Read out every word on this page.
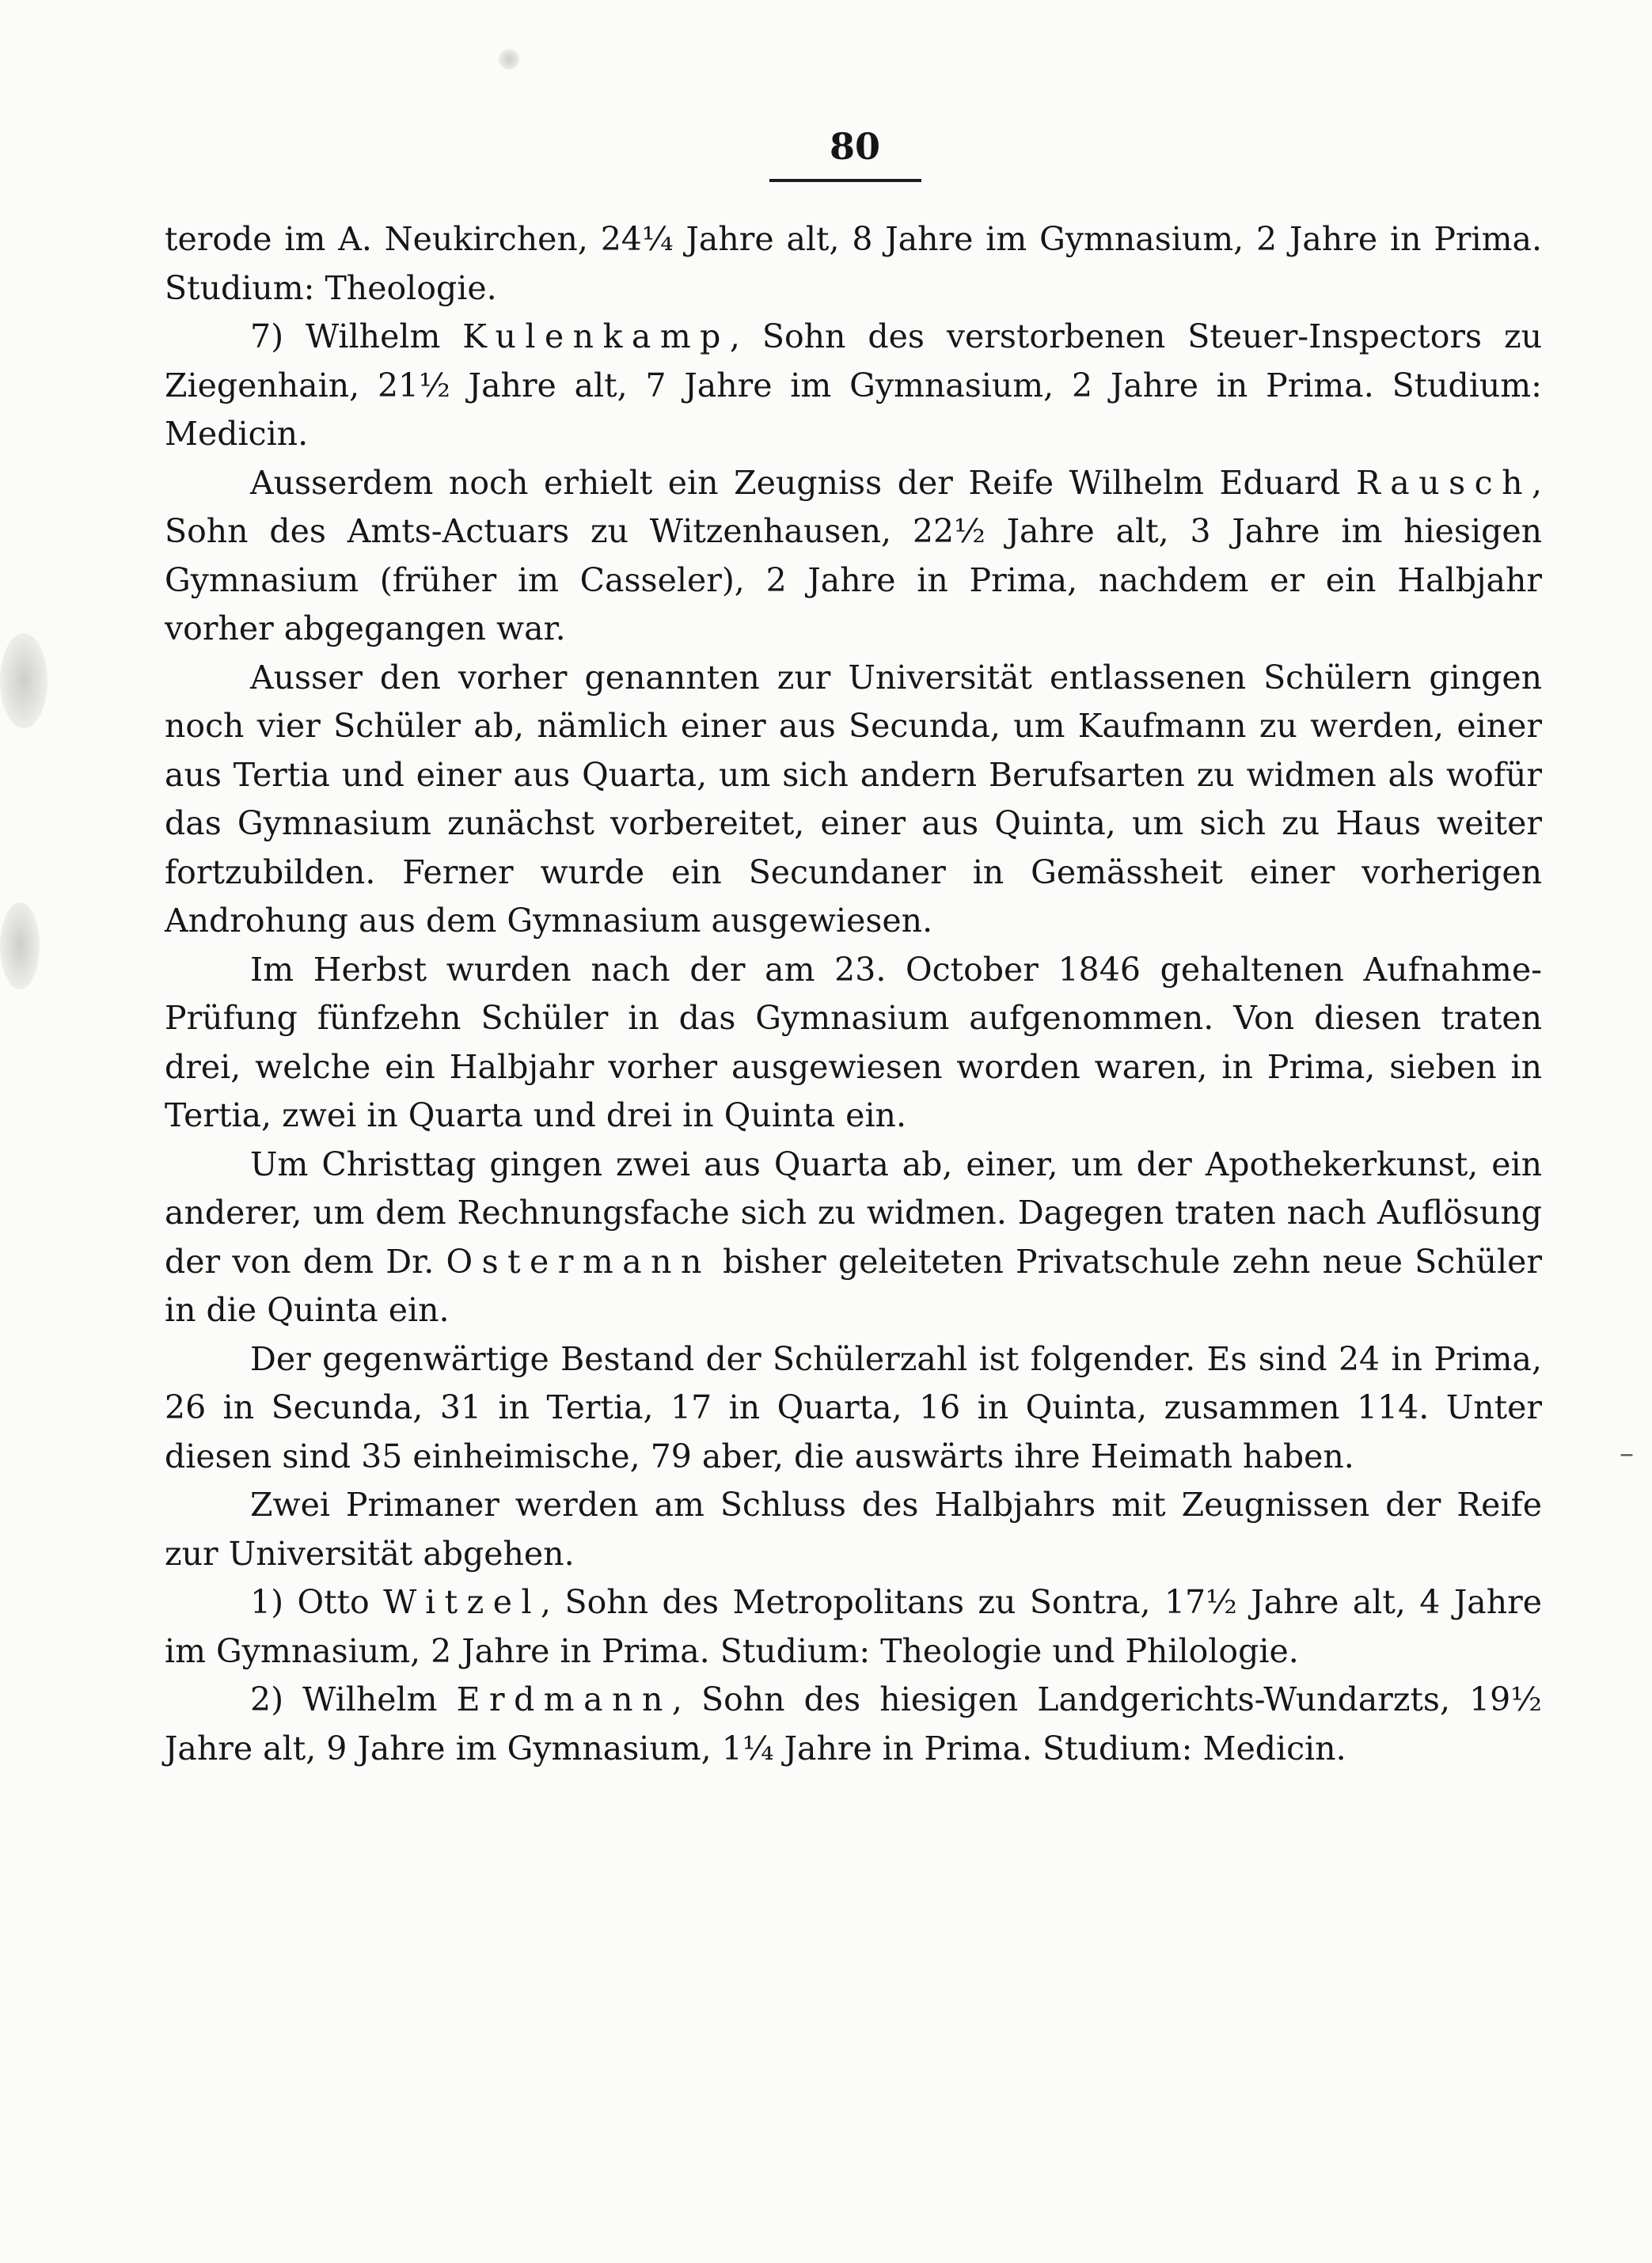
80

terode im A. Neukirchen, 24¼ Jahre alt, 8 Jahre im Gymnasium, 2 Jahre in Prima. Studium: Theologie.

7) Wilhelm Kulenkamp, Sohn des verstorbenen Steuer-Inspectors zu Ziegenhain, 21½ Jahre alt, 7 Jahre im Gymnasium, 2 Jahre in Prima. Studium: Medicin.

Ausserdem noch erhielt ein Zeugniss der Reife Wilhelm Eduard Rausch, Sohn des Amts-Actuars zu Witzenhausen, 22½ Jahre alt, 3 Jahre im hiesigen Gymnasium (früher im Casseler), 2 Jahre in Prima, nachdem er ein Halbjahr vorher abgegangen war.

Ausser den vorher genannten zur Universität entlassenen Schülern gingen noch vier Schüler ab, nämlich einer aus Secunda, um Kaufmann zu werden, einer aus Tertia und einer aus Quarta, um sich andern Berufsarten zu widmen als wofür das Gymnasium zunächst vorbereitet, einer aus Quinta, um sich zu Haus weiter fortzubilden. Ferner wurde ein Secundaner in Gemässheit einer vorherigen Androhung aus dem Gymnasium ausgewiesen.

Im Herbst wurden nach der am 23. October 1846 gehaltenen Aufnahme-Prüfung fünfzehn Schüler in das Gymnasium aufgenommen. Von diesen traten drei, welche ein Halbjahr vorher ausgewiesen worden waren, in Prima, sieben in Tertia, zwei in Quarta und drei in Quinta ein.

Um Christtag gingen zwei aus Quarta ab, einer, um der Apothekerkunst, ein anderer, um dem Rechnungsfache sich zu widmen. Dagegen traten nach Auflösung der von dem Dr. Ostermann bisher geleiteten Privatschule zehn neue Schüler in die Quinta ein.

Der gegenwärtige Bestand der Schülerzahl ist folgender. Es sind 24 in Prima, 26 in Secunda, 31 in Tertia, 17 in Quarta, 16 in Quinta, zusammen 114. Unter diesen sind 35 einheimische, 79 aber, die auswärts ihre Heimath haben.

Zwei Primaner werden am Schluss des Halbjahrs mit Zeugnissen der Reife zur Universität abgehen.

1) Otto Witzel, Sohn des Metropolitans zu Sontra, 17½ Jahre alt, 4 Jahre im Gymnasium, 2 Jahre in Prima. Studium: Theologie und Philologie.

2) Wilhelm Erdmann, Sohn des hiesigen Landgerichts-Wundarzts, 19½ Jahre alt, 9 Jahre im Gymnasium, 1¼ Jahre in Prima. Studium: Medicin.

–
